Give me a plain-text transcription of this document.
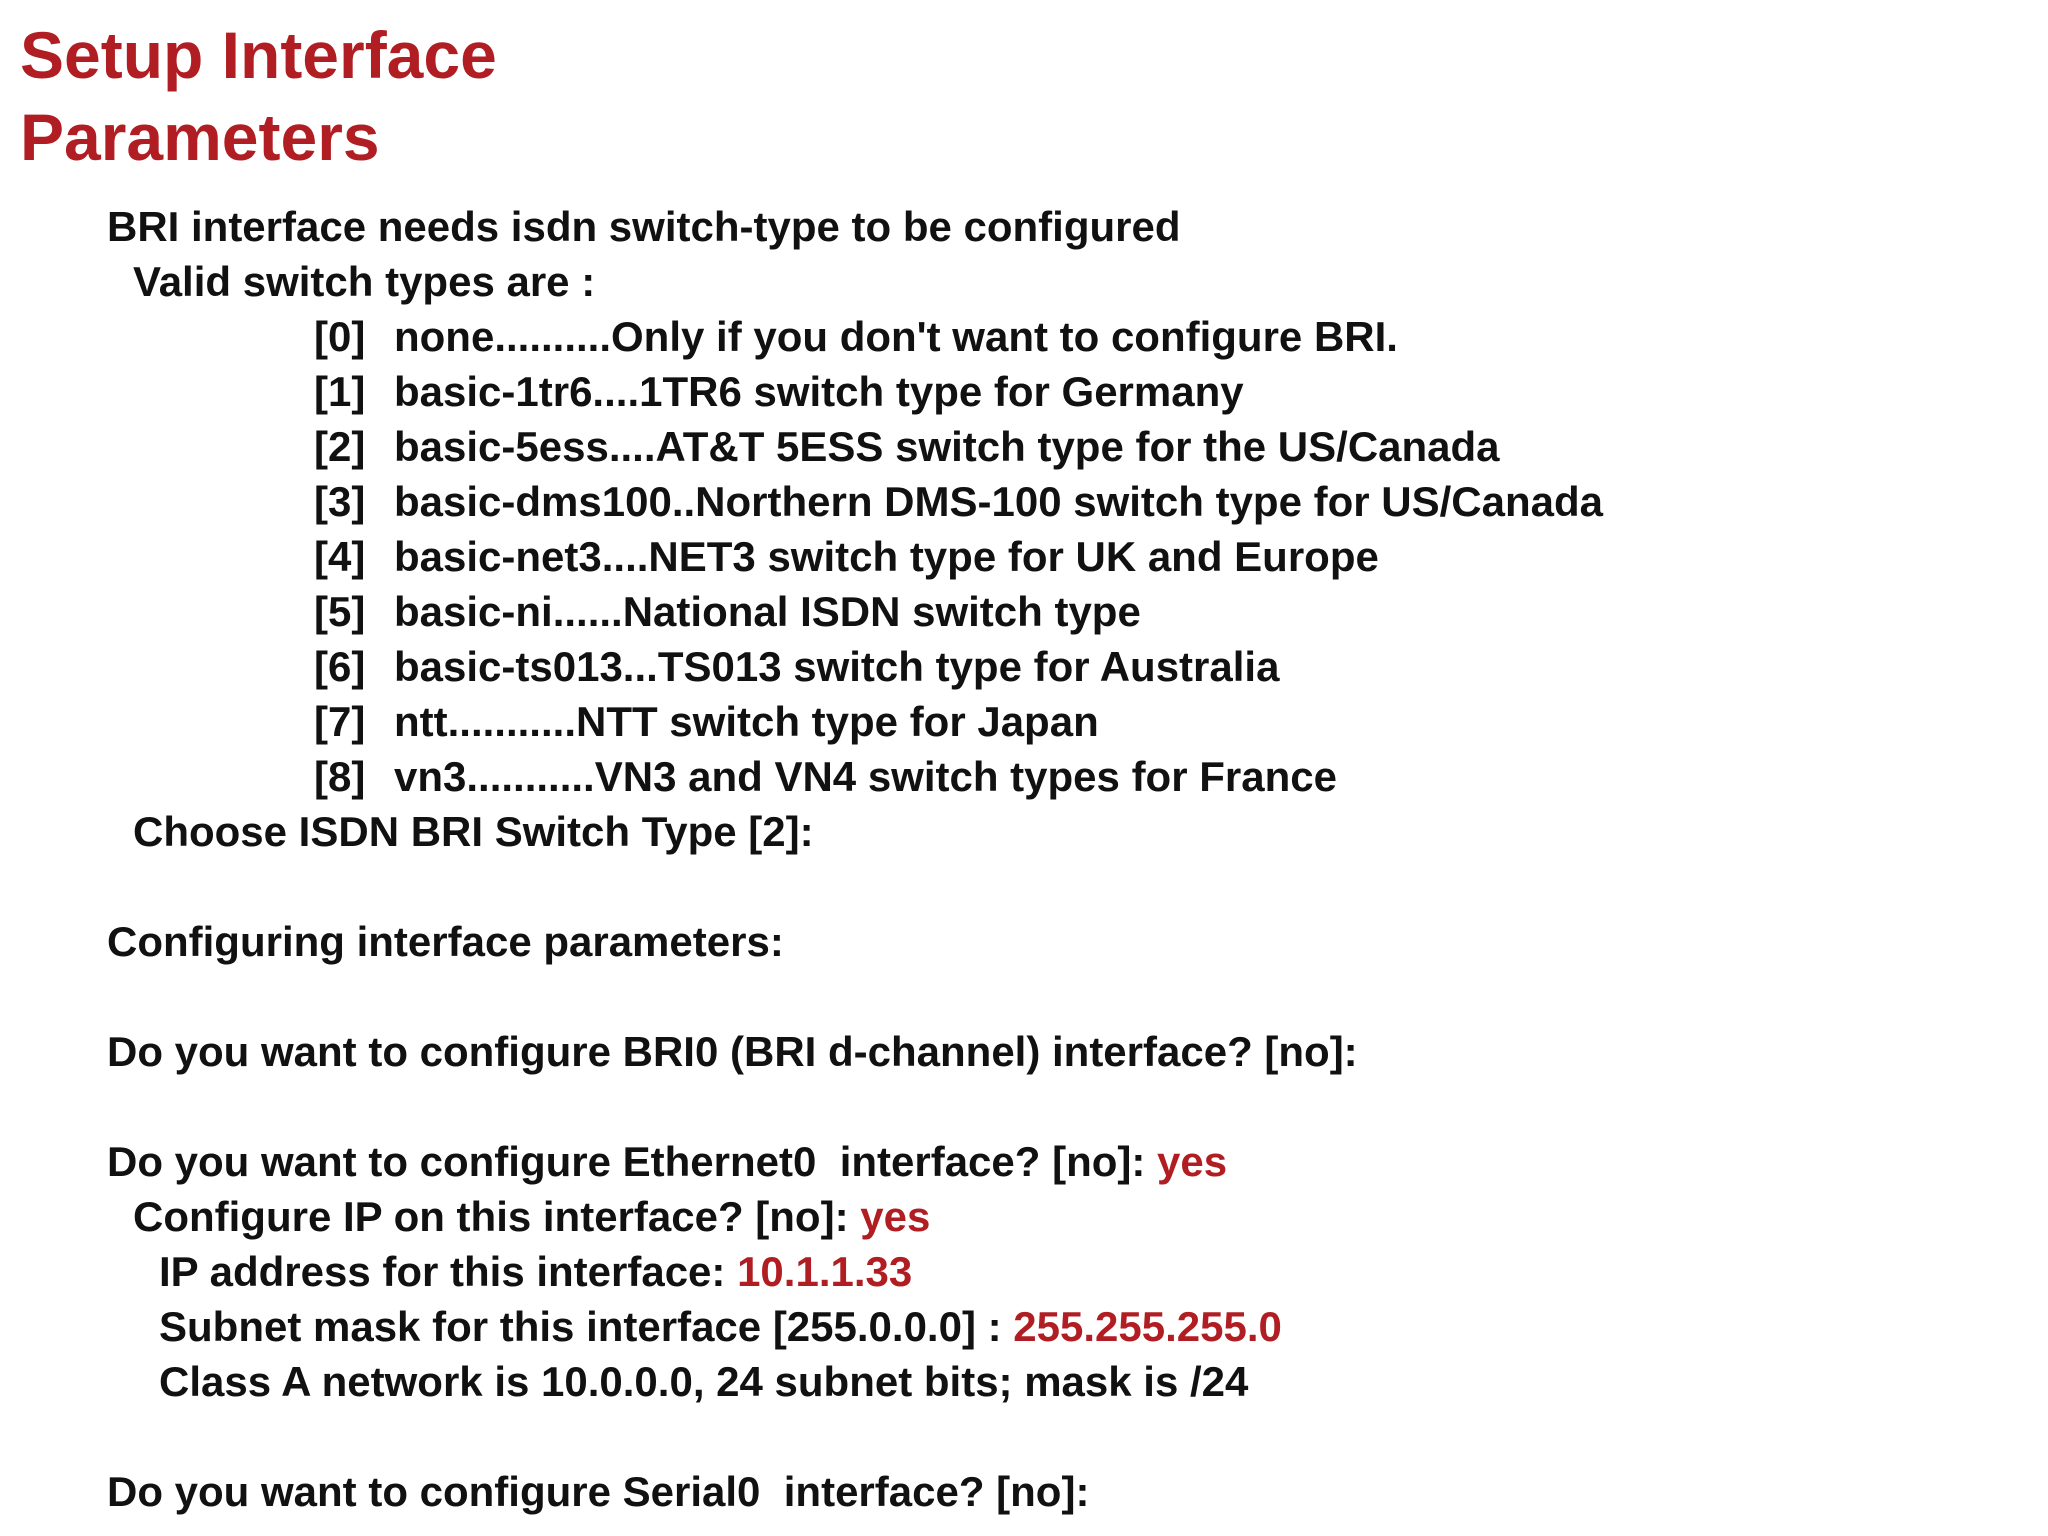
Setup Interface
Parameters
BRI interface needs isdn switch-type to be configured
Valid switch types are :
[0] none..........Only if you don't want to configure BRI.
[1] basic-1tr6....1TR6 switch type for Germany
[2] basic-5ess....AT&T 5ESS switch type for the US/Canada
[3] basic-dms100..Northern DMS-100 switch type for US/Canada
[4] basic-net3....NET3 switch type for UK and Europe
[5] basic-ni......National ISDN switch type
[6] basic-ts013...TS013 switch type for Australia
[7] ntt...........NTT switch type for Japan
[8] vn3...........VN3 and VN4 switch types for France
Choose ISDN BRI Switch Type [2]:
Configuring interface parameters:
Do you want to configure BRI0 (BRI d-channel) interface? [no]:
Do you want to configure Ethernet0  interface? [no]: yes
Configure IP on this interface? [no]: yes
IP address for this interface: 10.1.1.33
Subnet mask for this interface [255.0.0.0] : 255.255.255.0
Class A network is 10.0.0.0, 24 subnet bits; mask is /24
Do you want to configure Serial0  interface? [no]:
